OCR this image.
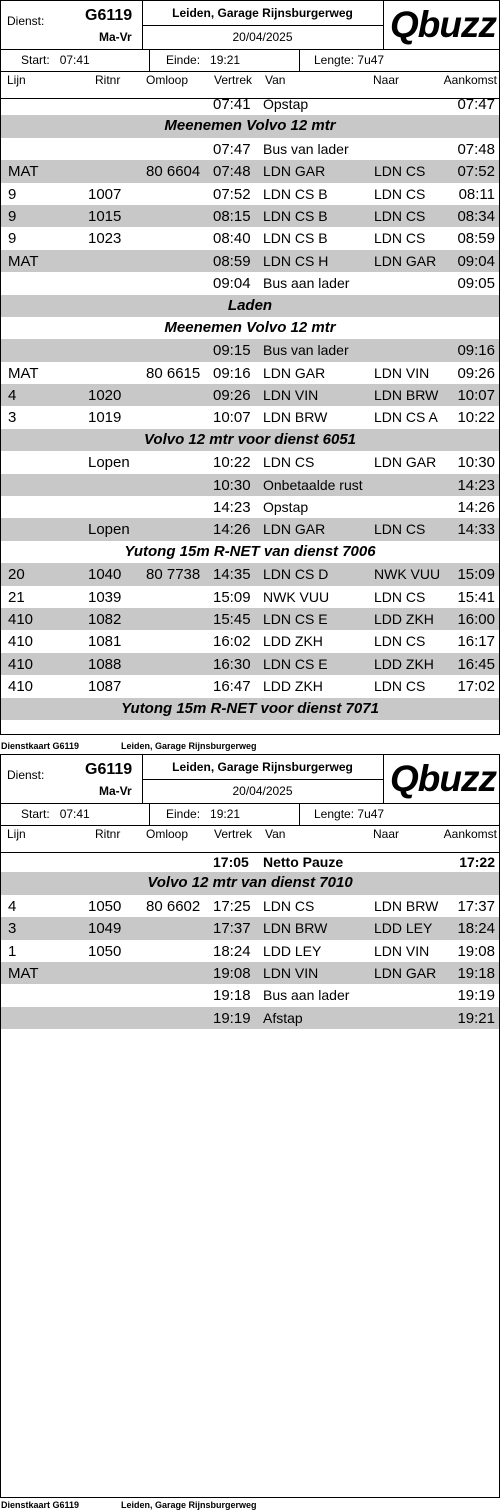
Dienst:	G6119
Ma-Vr
Leiden, Garage Rijnsburgerweg
20/04/2025	Qbuzz
Start: 07:41	Einde: 19:21	Lengte: 7u47
Lijn	Ritnr Omloop Vertrek Van	Naar	Aankomst
07:41 Opstap	07:47
Meenemen Volvo 12 mtr
07:47 Bus van lader	07:48
MAT	80 6604 07:48 LDN GAR	LDN CS 07:52
9	1007	07:52 LDN CS B	LDN CS 08:11
9	1015	08:15 LDN CS B	LDN CS 08:34
9	1023	08:40 LDN CS B	LDN CS 08:59
MAT	08:59 LDN CS H	LDN GAR 09:04
09:04 Bus aan lader	09:05
Laden
Meenemen Volvo 12 mtr
09:15 Bus van lader	09:16
MAT	80 6615 09:16 LDN GAR	LDN VIN 09:26
4	1020	09:26 LDN VIN	LDN BRW 10:07
3	1019	10:07 LDN BRW	LDN CS A 10:22
Volvo 12 mtr voor dienst 6051
Lopen	10:22 LDN CS	LDN GAR 10:30
10:30 Onbetaalde rust	14:23
14:23 Opstap	14:26
Lopen	14:26 LDN GAR	LDN CS 14:33
Yutong 15m R-NET van dienst 7006
20	1040 80 7738 14:35 LDN CS D	NWK VUU 15:09
21	1039	15:09 NWK VUU	LDN CS 15:41
410	1082	15:45 LDN CS E	LDD ZKH 16:00
410	1081	16:02 LDD ZKH	LDN CS 16:17
410	1088	16:30 LDN CS E	LDD ZKH 16:45
410	1087	16:47 LDD ZKH	LDN CS 17:02
Yutong 15m R-NET voor dienst 7071
Dienstkaart G6119	Leiden, Garage Rijnsburgerweg
Dienst:	G6119
Ma-Vr
Leiden, Garage Rijnsburgerweg
20/04/2025	Qbuzz
Start: 07:41	Einde: 19:21	Lengte: 7u47
Lijn	Ritnr Omloop Vertrek Van	Naar	Aankomst
17:05 Netto Pauze	17:22
Volvo 12 mtr van dienst 7010
4	1050 80 6602 17:25 LDN CS	LDN BRW 17:37
3	1049	17:37 LDN BRW	LDD LEY 18:24
1	1050	18:24 LDD LEY	LDN VIN 19:08
MAT	19:08 LDN VIN	LDN GAR 19:18
19:18 Bus aan lader	19:19
19:19 Afstap	19:21
Dienstkaart G6119	Leiden, Garage Rijnsburgerweg
